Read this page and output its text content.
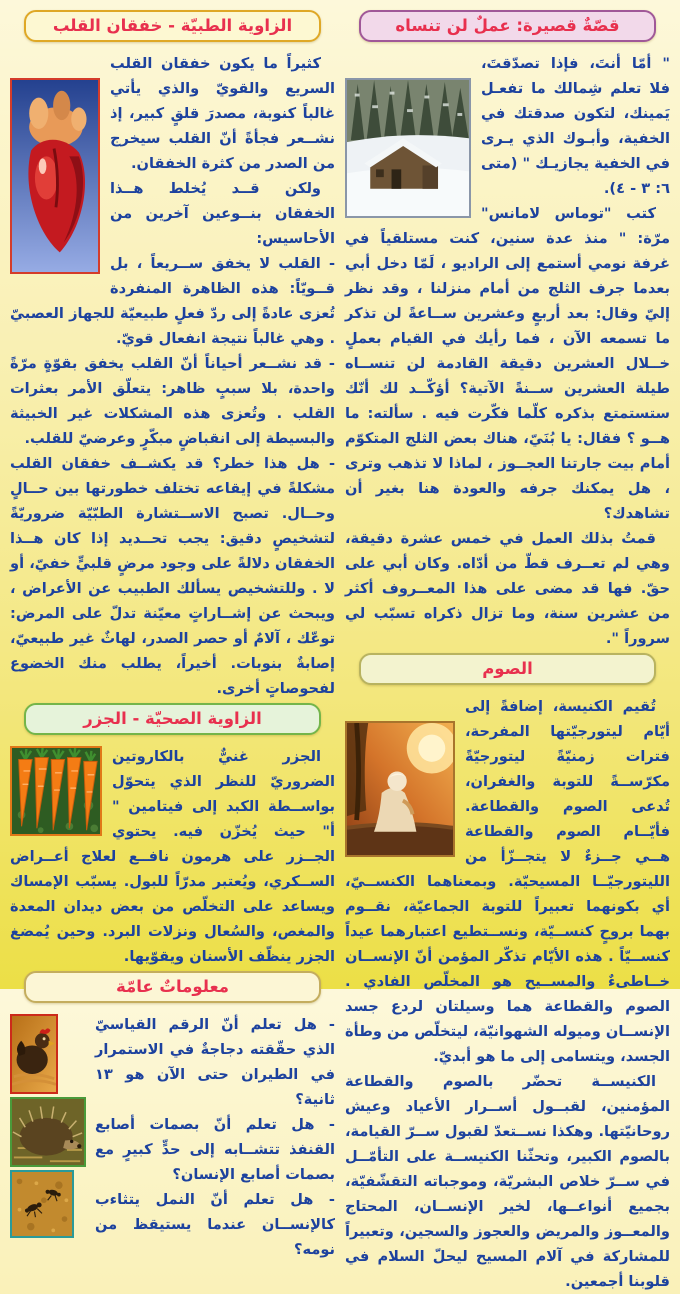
قصّةٌ قصيرة: عملٌ لن تنساه

" أمّا أنتَ، فإذا تصدّقتَ، فلا تعلم شِمالك ما تفعـل يَمينك، لتكون صدقتك في الخفية، وأبـوك الذي يـرى في الخفية يجازيـك " (متى ٦: ٣ - ٤).

كتب "توماس لامانس" مرّة: " منذ عدة سنين، كنت مستلقياً في غرفة نومي أستمع إلى الراديو ، لَمّا دخل أبي بعدما جرف الثلج من أمام منزلنا ، وقد نظر إليّ وقال: بعد أربعٍ وعشرين ســاعةً لن تذكر ما تسمعه الآن ، فما رأيك في القيام بعملٍ خــلال العشرين دقيقة القادمة لن تنســاه طيلة العشرين ســنةً الآتية؟ أؤكّــد لك أنّك ستستمتع بذكره كلّما فكّرت فيه . سألته: ما هــو ؟ فقال: يا بُنَيّ، هناك بعض الثلج المتكوّم أمام بيت جارتنا العجــوز ، لماذا لا تذهب وترى ، هل يمكنك جرفه والعودة هنا بغير أن تشاهدك؟

قمتُ بذلك العمل في خمس عشرة دقيقة، وهي لم تعــرف قطّ من أدّاه. وكان أبي على حقّ. فها قد مضى على هذا المعــروف أكثر من عشرين سنة، وما تزال ذكراه تسبّب لي سروراً ".

الصوم

تُقيم الكنيسة، إضافةً إلى أيّام ليتورجيّتها المفرحة، فترات زمنيّةً ليتورجيّةً مكرّســةً للتوبة والغفران، تُدعى الصوم والقطاعة. فأيّــام الصوم والقطاعة هــي جــزءٌ لا يتجــزّأ من الليتورجيّــا المسيحيّة. وبمعناهما الكنســيّ، أي بكونهما تعبيراً للتوبة الجماعيّة، نقــوم بهما بروحٍ كنســيّة، ونســتطيع اعتبارهما عيداً كنســيّاً . هذه الأيّام تذكّر المؤمن أنّ الإنســان خــاطىءٌ والمســيح هو المخلّص الفادي . الصوم والقطاعة هما وسيلتان لردع جسد الإنســان وميوله الشهوانيّة، ليتخلّص من وطأة الجسد، ويتسامى إلى ما هو أبديّ.

الكنيســة تحضّر بالصوم والقطاعة المؤمنين، لقبــول أســرار الأعياد وعيش روحانيّتها. وهكذا نســتعدّ لقبول ســرّ القيامة، بالصوم الكبير، وتحثّنا الكنيســة على التأمّــل في ســرّ خلاص البشريّة، وموجباته التقشّفيّة، بجميع أنواعــها، لخير الإنســان، المحتاج والمعــوز والمريض والعجوز والسجين، وتعبيراً للمشاركة في آلام المسيح ليحلّ السلام في قلوبنا أجمعين.

الزاوية الطبيّة - خفقان القلب

كثيراً ما يكون خفقان القلب السريع والقويّ والذي يأتي غالباً كنوبة، مصدرَ قلقٍ كبير، إذ نشــعر فجأةً أنّ القلب سيخرج من الصدر من كثرة الخفقان.

ولكن قــد يُخلط هــذا الخفقان بنــوعين آخرين من الأحاسيس:

- القلب لا يخفق ســريعاً ، بل قــويّاً: هذه الظاهرة المنفردة تُعزى عادةً إلى ردّ فعلٍ طبيعيّة للجهاز العصبيّ . وهي غالباً نتيجة انفعال قويّ.

- قد نشــعر أحياناً أنّ القلب يخفق بقوّةٍ مرّةً واحدة، بلا سببٍ ظاهر: يتعلّق الأمر بعثرات القلب . وتُعزى هذه المشكلات غير الخبيثة والبسيطة إلى انقباضٍ مبكّرٍ وعرضيّ للقلب.

- هل هذا خطر؟ قد يكشــف خفقان القلب مشكلةً في إيقاعه تختلف خطورتها بين حــالٍ وحــال. تصبح الاســتشارة الطبّيّة ضروريّةً لتشخيصٍ دقيق: يجب تحــديد إذا كان هــذا الخفقان دلالةً على وجود مرضٍ قلبيٍّ خفيّ، أو لا . وللتشخيص يسألك الطبيب عن الأعراض ، ويبحث عن إشــاراتٍ معيّنة تدلّ على المرض: توعّك ، آلامٌ أو حصر الصدر، لهاثٌ غير طبيعيّ، إصابةٌ بنوبات. أخيراً، يطلب منك الخضوع لفحوصاتٍ أخرى.

الزاوية الصحيّة - الجزر

الجزر غنيٌّ بالكاروتين الضروريّ للنظر الذي يتحوّل بواســطة الكبد إلى فيتامين " أ" حيث يُخزّن فيه. يحتوي الجــزر على هرمون نافــع لعلاج أعــراض الســكري، ويُعتبر مدرّاً للبول. يسبّب الإمساك ويساعد على التخلّص من بعض ديدان المعدة والمغص، والسُعال ونزلات البرد. وحين يُمضغ الجزر ينظّف الأسنان ويقوّيها.

معلوماتٌ عامّة

- هل تعلم أنّ الرقم القياسيّ الذي حقّقته دجاجةٌ في الاستمرار في الطيران حتى الآن هو ١٣ ثانية؟

- هل تعلم أنّ بصمات أصابع القنفذ تتشــابه إلى حدٍّ كبيرٍ مع بصمات أصابع الإنسان؟

- هل تعلم أنّ النمل يتثاءب كالإنســان عندما يستيقظ من نومه؟
